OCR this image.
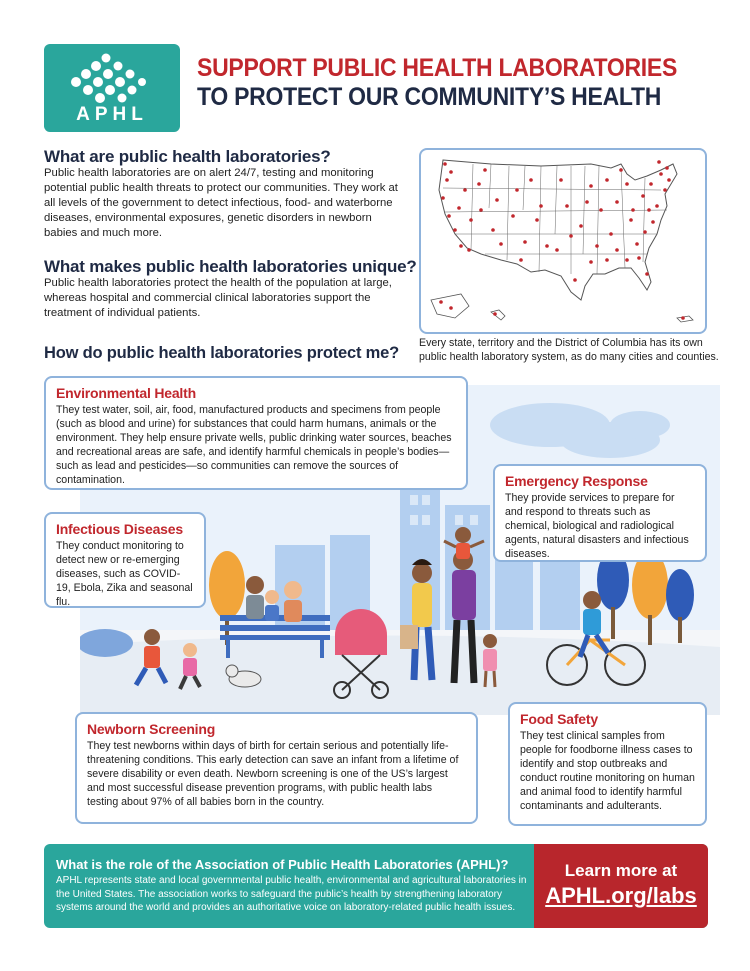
APHL
SUPPORT PUBLIC HEALTH LABORATORIES
TO PROTECT OUR COMMUNITY’S HEALTH
What are public health laboratories?

Public health laboratories are on alert 24/7, testing and monitoring potential public health threats to protect our communities. They work at all levels of the government to detect infectious, food- and waterborne diseases, environmental exposures, genetic disorders in newborn babies and much more.

What makes public health laboratories unique?

Public health laboratories protect the health of the population at large, whereas hospital and commercial clinical laboratories support the treatment of individual patients.

How do public health laboratories protect me?

Every state, territory and the District of Columbia has its own public health laboratory system, as do many cities and counties.

Environmental Health

They test water, soil, air, food, manufactured products and specimens from people (such as blood and urine) for substances that could harm humans, animals or the environment. They help ensure private wells, public drinking water sources, beaches and recreational areas are safe, and identify harmful chemicals in people’s bodies—such as lead and pesticides—so communities can remove the sources of contamination.	Emergency Response

They provide services to prepare for and respond to threats such as chemical, biological and radiological agents, natural disasters and infectious diseases.

Infectious Diseases

They conduct monitoring to detect new or re-emerging diseases, such as COVID-19, Ebola, Zika and seasonal flu.

Newborn Screening

They test newborns within days of birth for certain serious and potentially life-threatening conditions. This early detection can save an infant from a lifetime of severe disability or even death. Newborn screening is one of the US’s largest and most successful disease prevention programs, with public health labs testing about 97% of all babies born in the country.

Food Safety

They test clinical samples from people for foodborne illness cases to identify and stop outbreaks and conduct routine monitoring on human and animal food to identify harmful contaminants and adulterants.

What is the role of the Association of Public Health Laboratories (APHL)?
APHL represents state and local governmental public health, environmental and agricultural laboratories in the United States. The association works to safeguard the public’s health by strengthening laboratory systems around the world and provides an authoritative voice on laboratory-related public health issues.
Learn more at
APHL.org/labs
